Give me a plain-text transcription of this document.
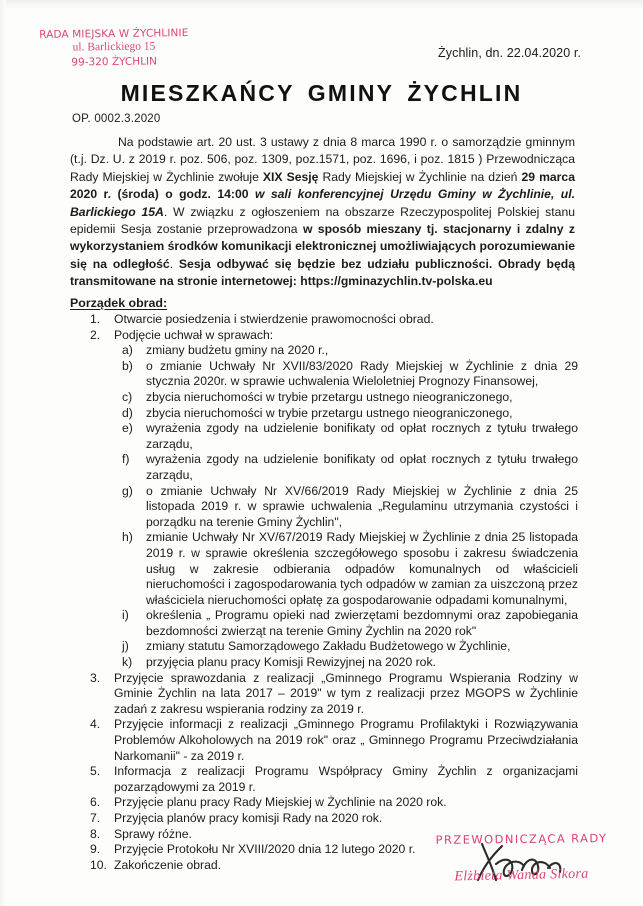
RADA MIEJSKA W ŻYCHLINIE
ul. Barlickiego 15
99-320 ŻYCHLIN
Żychlin, dn. 22.04.2020 r.
MIESZKAŃCY GMINY ŻYCHLIN
OP. 0002.3.2020

Na podstawie art. 20 ust. 3 ustawy z dnia 8 marca 1990 r. o samorządzie gminnym (t.j. Dz. U. z 2019 r. poz. 506, poz. 1309, poz.1571, poz. 1696, i poz. 1815 ) Przewodnicząca Rady Miejskiej w Żychlinie zwołuje XIX Sesję Rady Miejskiej w Żychlinie na dzień 29 marca 2020 r. (środa) o godz. 14:00 w sali konferencyjnej Urzędu Gminy w Żychlinie, ul. Barlickiego 15A. W związku z ogłoszeniem na obszarze Rzeczypospolitej Polskiej stanu epidemii Sesja zostanie przeprowadzona w sposób mieszany tj. stacjonarny i zdalny z wykorzystaniem środków komunikacji elektronicznej umożliwiających porozumiewanie się na odległość. Sesja odbywać się będzie bez udziału publiczności. Obrady będą transmitowane na stronie internetowej: https://gminazychlin.tv-polska.eu

Porządek obrad:
1.	Otwarcie posiedzenia i stwierdzenie prawomocności obrad.
2.	Podjęcie uchwał w sprawach:
a)	zmiany budżetu gminy na 2020 r.,
b)	o zmianie Uchwały Nr XVII/83/2020 Rady Miejskiej w Żychlinie z dnia 29 stycznia 2020r. w sprawie uchwalenia Wieloletniej Prognozy Finansowej,
c)	zbycia nieruchomości w trybie przetargu ustnego nieograniczonego,
d)	zbycia nieruchomości w trybie przetargu ustnego nieograniczonego,
e)	wyrażenia zgody na udzielenie bonifikaty od opłat rocznych z tytułu trwałego zarządu,
f)	wyrażenia zgody na udzielenie bonifikaty od opłat rocznych z tytułu trwałego zarządu,
g)	o zmianie Uchwały Nr XV/66/2019 Rady Miejskiej w Żychlinie z dnia 25 listopada 2019 r. w sprawie uchwalenia „Regulaminu utrzymania czystości i porządku na terenie Gminy Żychlin",
h)	zmianie Uchwały Nr XV/67/2019 Rady Miejskiej w Żychlinie z dnia 25 listopada 2019 r. w sprawie określenia szczegółowego sposobu i zakresu świadczenia usług w zakresie odbierania odpadów komunalnych od właścicieli nieruchomości i zagospodarowania tych odpadów w zamian za uiszczoną przez właściciela nieruchomości opłatę za gospodarowanie odpadami komunalnymi,
i)	określenia „ Programu opieki nad zwierzętami bezdomnymi oraz zapobiegania bezdomności zwierząt na terenie Gminy Żychlin na 2020 rok"
j)	zmiany statutu Samorządowego Zakładu Budżetowego w Żychlinie,
k)	przyjęcia planu pracy Komisji Rewizyjnej na 2020 rok.
3.	Przyjęcie sprawozdania z realizacji „Gminnego Programu Wspierania Rodziny w Gminie Żychlin na lata 2017 – 2019" w tym z realizacji przez MGOPS w Żychlinie zadań z zakresu wspierania rodziny za 2019 r.
4.	Przyjęcie informacji z realizacji „Gminnego Programu Profilaktyki i Rozwiązywania Problemów Alkoholowych na 2019 rok" oraz „ Gminnego Programu Przeciwdziałania Narkomanii" - za 2019 r.
5.	Informacja z realizacji Programu Współpracy Gminy Żychlin z organizacjami pozarządowymi za 2019 r.
6.	Przyjęcie planu pracy Rady Miejskiej w Żychlinie na 2020 rok.
7.	Przyjęcia planów pracy komisji Rady na 2020 rok.
8.	Sprawy różne.
9.	Przyjęcie Protokołu Nr XVIII/2020 dnia 12 lutego 2020 r.
10. Zakończenie obrad.
PRZEWODNICZĄCA RADY
Elżbieta Wanda Sikora
